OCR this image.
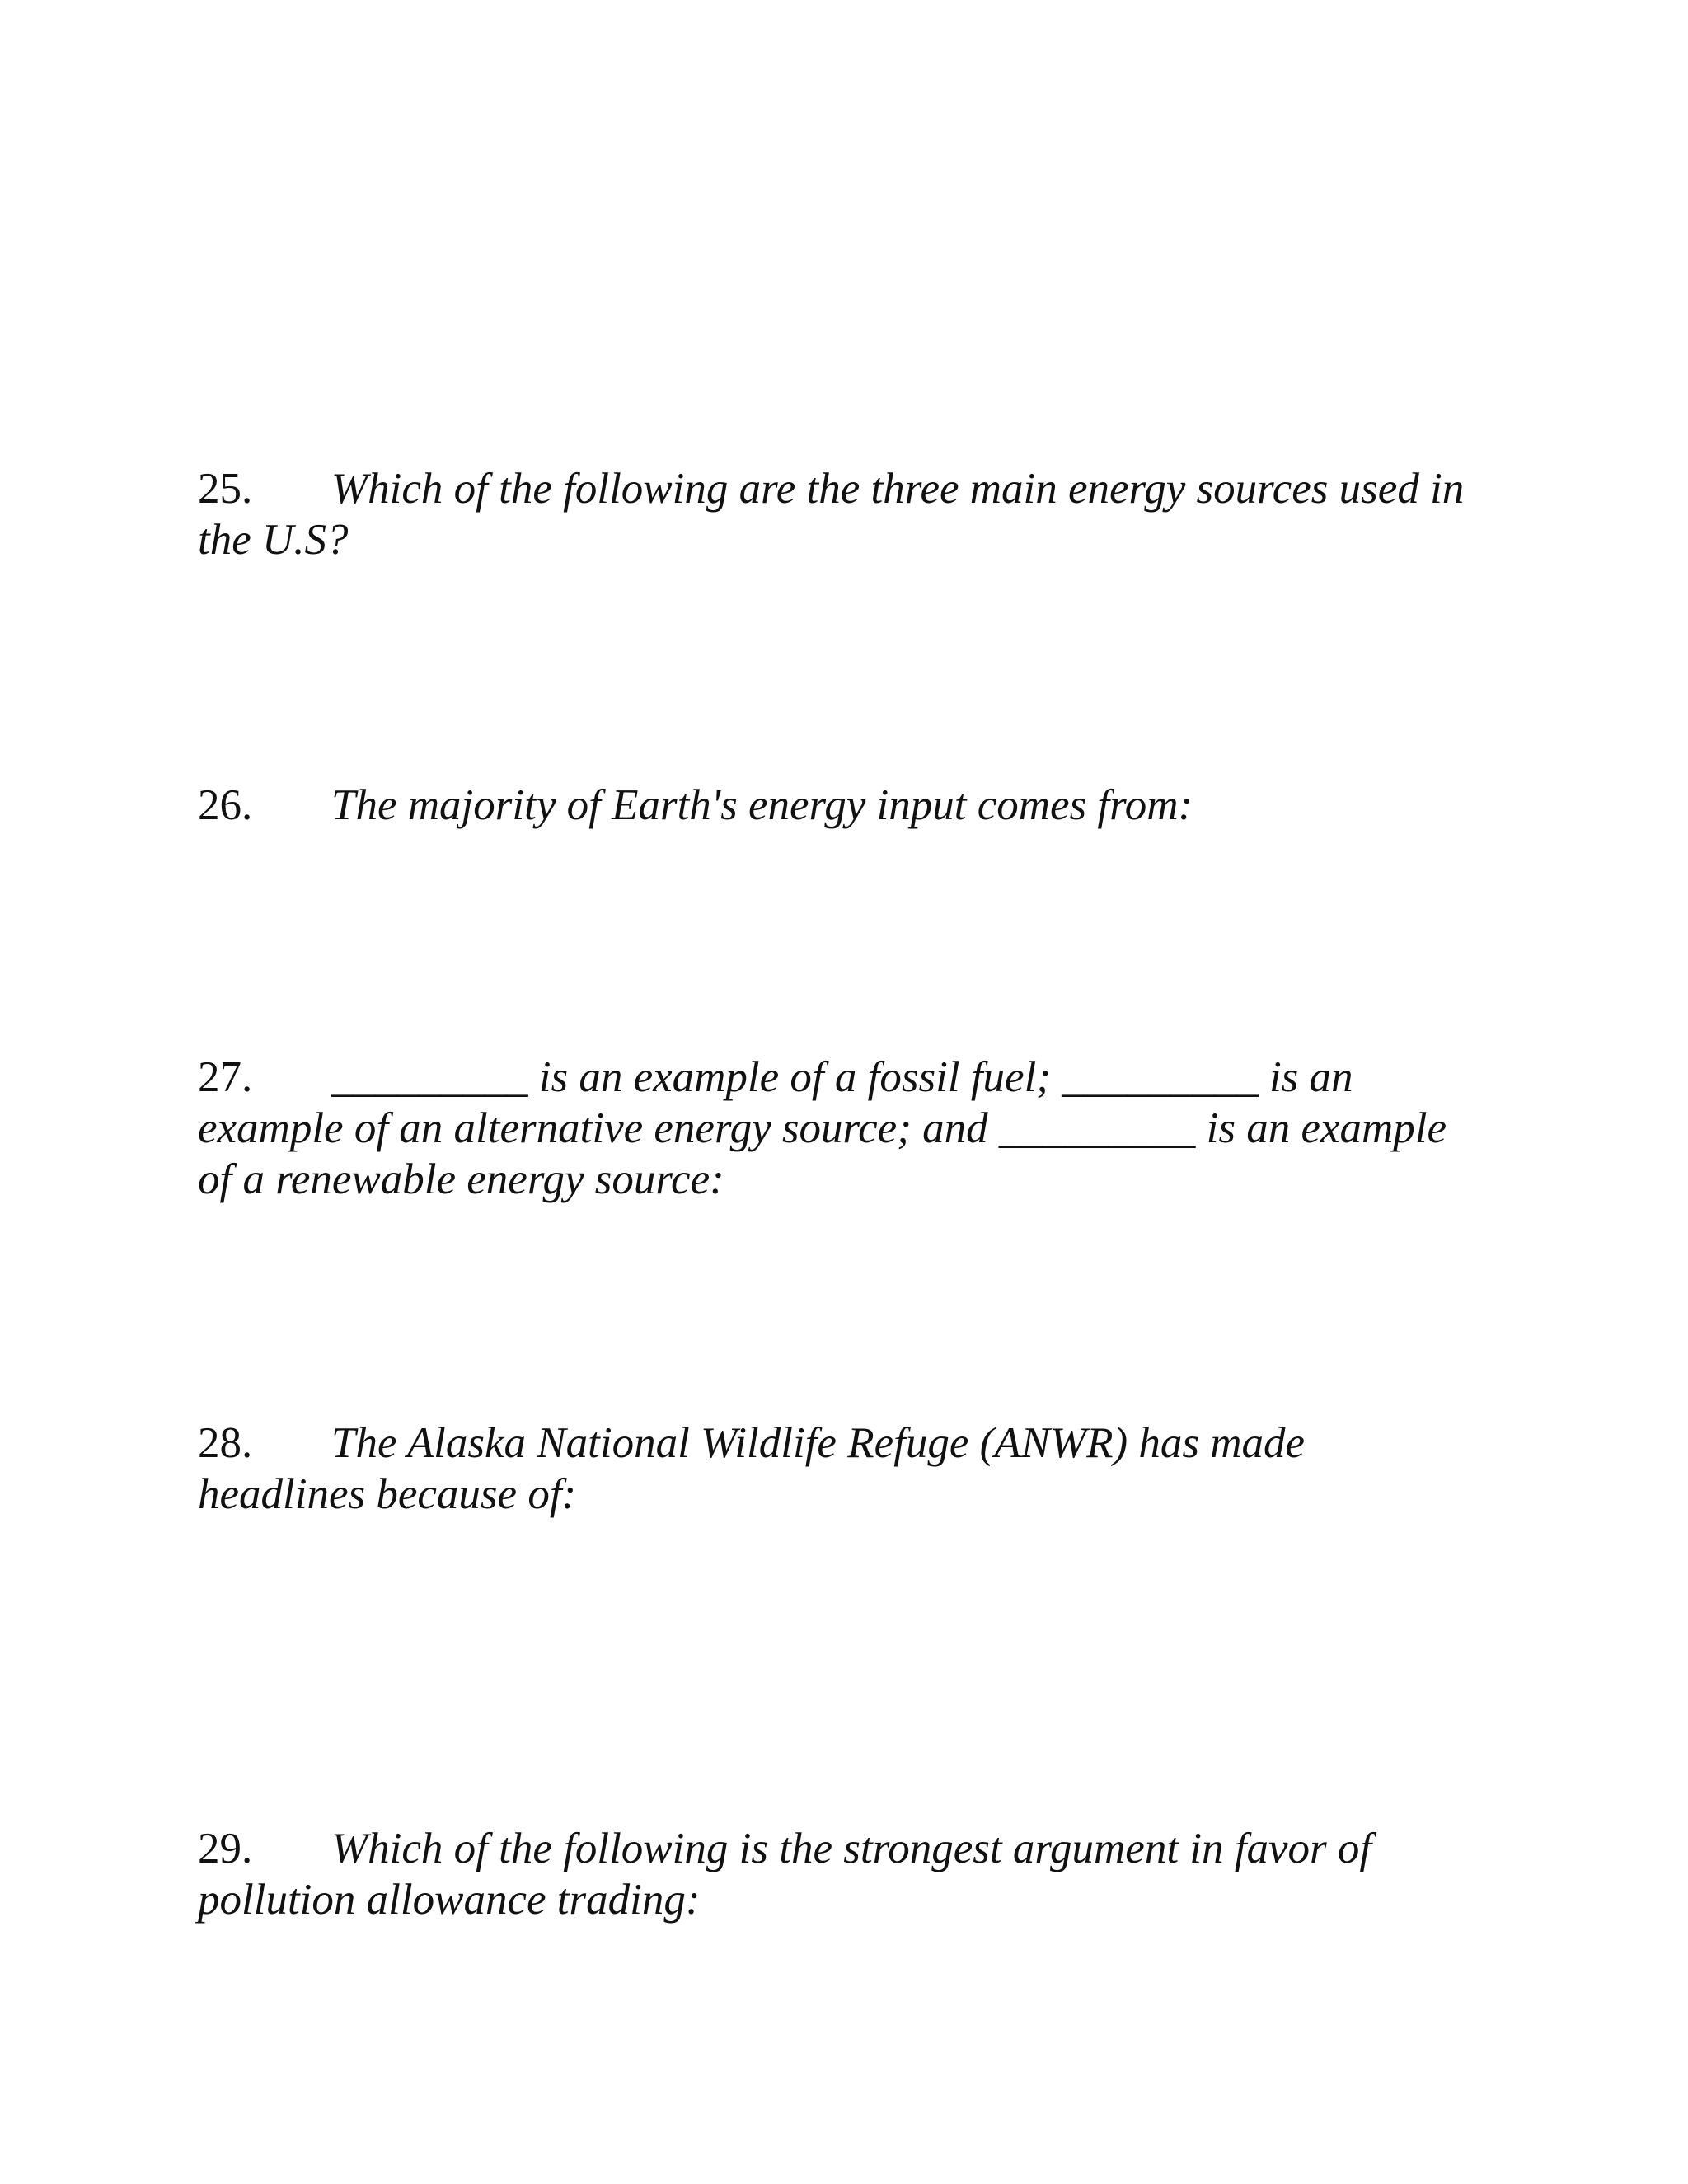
25. Which of the following are the three main energy sources used in
the U.S?
26. The majority of Earth's energy input comes from:
27. _________ is an example of a fossil fuel; _________ is an
example of an alternative energy source; and _________ is an example
of a renewable energy source:
28. The Alaska National Wildlife Refuge (ANWR) has made
headlines because of:
29. Which of the following is the strongest argument in favor of
pollution allowance trading:
